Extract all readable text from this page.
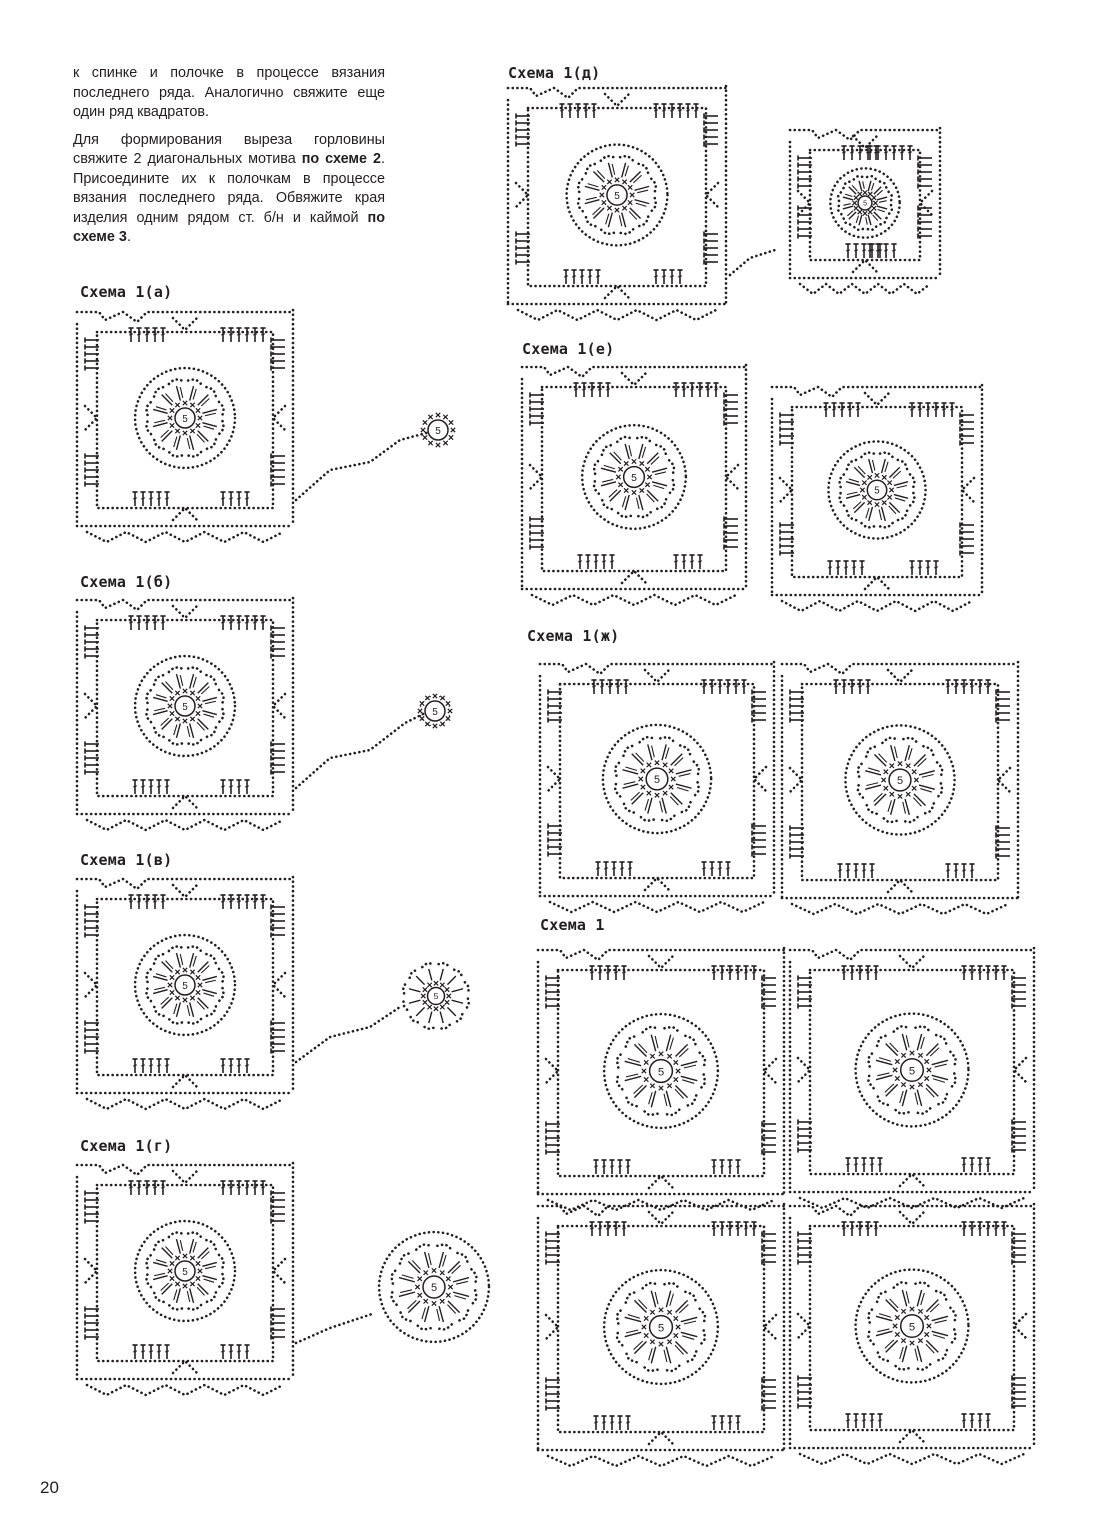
к спинке и полочке в процессе вязания последнего ряда. Аналогично свяжите еще один ряд квадратов.

Для формирования выреза горловины свяжите 2 диагональных мотива по схеме 2. Присоедините их к полочкам в процессе вязания последнего ряда. Обвяжите края изделия одним рядом ст. б/н и каймой по схеме 3.

Схема 1(а)
Схема 1(б)
Схема 1(в)
Схема 1(г)
Схема 1(д)
Схема 1(е)
Схема 1(ж)
Схема 1
5
5
5	5
5
5
5
5
5
5
5
5
5	5
5	5
5	5
20
